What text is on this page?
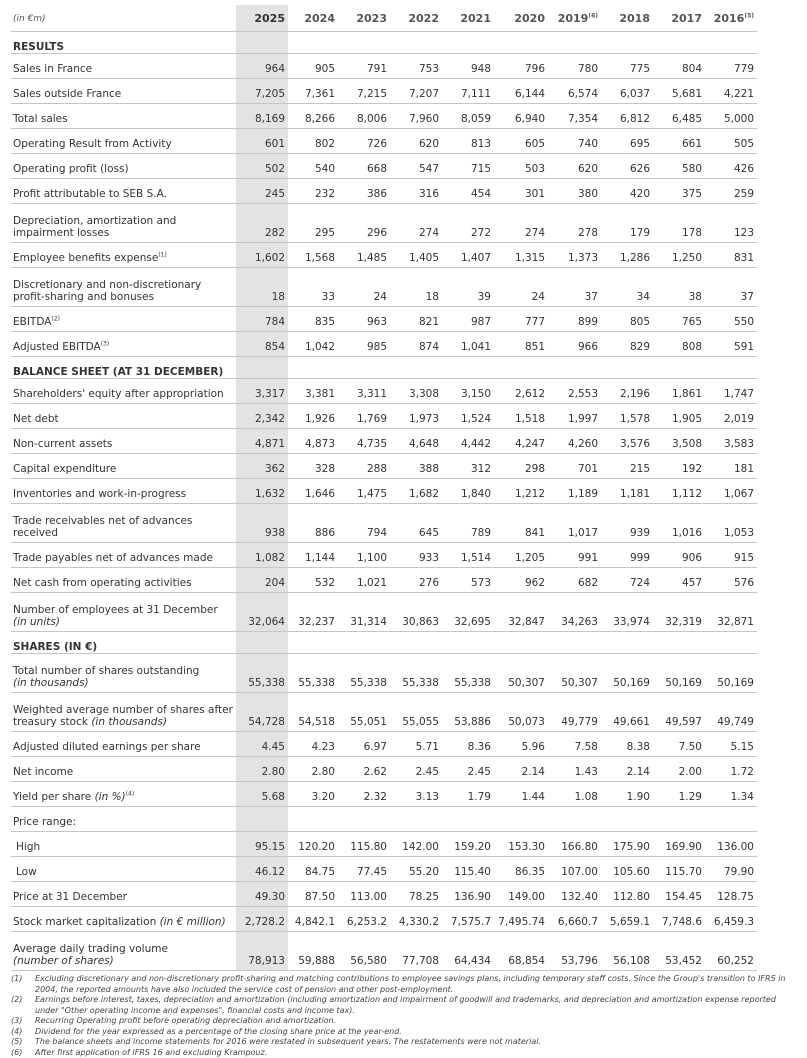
(in €m)	2025	2024	2023	2022	2021	2020	2019$^{(6)}$	2018	2017	2016$^{(5)}$
RESULTS										
Sales in France	964	905	791	753	948	796	780	775	804	779
Sales outside France	7,205	7,361	7,215	7,207	7,111	6,144	6,574	6,037	5,681	4,221
Total sales	8,169	8,266	8,006	7,960	8,059	6,940	7,354	6,812	6,485	5,000
Operating Result from Activity	601	802	726	620	813	605	740	695	661	505
Operating profit (loss)	502	540	668	547	715	503	620	626	580	426
Profit attributable to SEB S.A.	245	232	386	316	454	301	380	420	375	259
Depreciation, amortization and impairment losses	282	295	296	274	272	274	278	179	178	123
Employee benefits expense$^{(1)}$	1,602	1,568	1,485	1,405	1,407	1,315	1,373	1,286	1,250	831
Discretionary and non-discretionary profit-sharing and bonuses	18	33	24	18	39	24	37	34	38	37
EBITDA$^{(2)}$	784	835	963	821	987	777	899	805	765	550
Adjusted EBITDA$^{(3)}$	854	1,042	985	874	1,041	851	966	829	808	591
BALANCE SHEET (AT 31 DECEMBER)										
Shareholders' equity after appropriation	3,317	3,381	3,311	3,308	3,150	2,612	2,553	2,196	1,861	1,747
Net debt	2,342	1,926	1,769	1,973	1,524	1,518	1,997	1,578	1,905	2,019
Non-current assets	4,871	4,873	4,735	4,648	4,442	4,247	4,260	3,576	3,508	3,583
Capital expenditure	362	328	288	388	312	298	701	215	192	181
Inventories and work-in-progress	1,632	1,646	1,475	1,682	1,840	1,212	1,189	1,181	1,112	1,067
Trade receivables net of advances received	938	886	794	645	789	841	1,017	939	1,016	1,053
Trade payables net of advances made	1,082	1,144	1,100	933	1,514	1,205	991	999	906	915
Net cash from operating activities	204	532	1,021	276	573	962	682	724	457	576
Number of employees at 31 December
(in units)	32,064	32,237	31,314	30,863	32,695	32,847	34,263	33,974	32,319	32,871
SHARES (IN €)										
Total number of shares outstanding
(in thousands)	55,338	55,338	55,338	55,338	55,338	50,307	50,307	50,169	50,169	50,169
Weighted average number of shares after treasury stock (in thousands)	54,728	54,518	55,051	55,055	53,886	50,073	49,779	49,661	49,597	49,749
Adjusted diluted earnings per share	4.45	4.23	6.97	5.71	8.36	5.96	7.58	8.38	7.50	5.15
Net income	2.80	2.80	2.62	2.45	2.45	2.14	1.43	2.14	2.00	1.72
Yield per share (in %)$^{(4)}$	5.68	3.20	2.32	3.13	1.79	1.44	1.08	1.90	1.29	1.34
Price range:										
High	95.15	120.20	115.80	142.00	159.20	153.30	166.80	175.90	169.90	136.00
Low	46.12	84.75	77.45	55.20	115.40	86.35	107.00	105.60	115.70	79.90
Price at 31 December	49.30	87.50	113.00	78.25	136.90	149.00	132.40	112.80	154.45	128.75
Stock market capitalization (in € million)	2,728.2	4,842.1	6,253.2	4,330.2	7,575.7	7,495.74	6,660.7	5,659.1	7,748.6	6,459.3
Average daily trading volume
(number of shares)	78,913	59,888	56,580	77,708	64,434	68,854	53,796	56,108	53,452	60,252
(1)	Excluding discretionary and non-discretionary profit-sharing and matching contributions to employee savings plans, including temporary staff costs. Since the Group's transition to IFRS in 2004, the reported amounts have also included the service cost of pension and other post-employment.
(2)	Earnings before interest, taxes, depreciation and amortization (including amortization and impairment of goodwill and trademarks, and depreciation and amortization expense reported under "Other operating income and expenses", financial costs and income tax).
(3)	Recurring Operating profit before operating depreciation and amortization.
(4)	Dividend for the year expressed as a percentage of the closing share price at the year-end.
(5)	The balance sheets and income statements for 2016 were restated in subsequent years. The restatements were not material.
(6)	After first application of IFRS 16 and excluding Krampouz.
